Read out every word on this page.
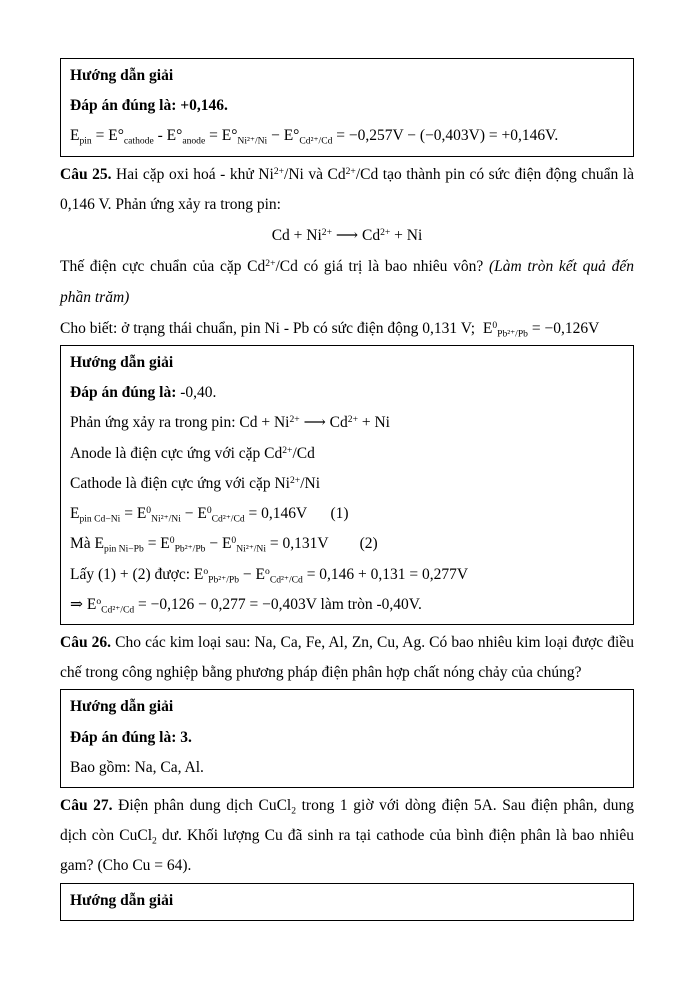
Hướng dẫn giải
Đáp án đúng là: +0,146.
$E_{pin} = E^\circ_{cathode} - E^\circ_{anode} = E^\circ_{Ni^{2+}/Ni} - E^\circ_{Cd^{2+}/Cd} = -0,257V - (-0,403V) = +0,146V$.
Câu 25. Hai cặp oxi hoá - khử $Ni^{2+}/Ni$ và $Cd^{2+}/Cd$ tạo thành pin có sức điện động chuẩn là 0,146 V. Phản ứng xảy ra trong pin:
$Cd + Ni^{2+}$ ⟶ $Cd^{2+} + Ni$
Thế điện cực chuẩn của cặp $Cd^{2+}/Cd$ có giá trị là bao nhiêu vôn? (Làm tròn kết quả đến phần trăm)
Cho biết: ở trạng thái chuẩn, pin Ni - Pb có sức điện động 0,131 V;  $E^0_{Pb^{2+}/Pb} = -0,126V$
Hướng dẫn giải
Đáp án đúng là: -0,40.
Phản ứng xảy ra trong pin: $Cd + Ni^{2+}$ ⟶ $Cd^{2+} + Ni$
Anode là điện cực ứng với cặp $Cd^{2+}/Cd$
Cathode là điện cực ứng với cặp $Ni^{2+}/Ni$
$E_{pin Cd-Ni} = E^0_{Ni^{2+}/Ni} - E^0_{Cd^{2+}/Cd} = 0,146V$      (1)
Mà $E_{pin Ni-Pb} = E^0_{Pb^{2+}/Pb} - E^0_{Ni^{2+}/Ni} = 0,131V$        (2)
Lấy (1) + (2) được: $E^o_{Pb^{2+}/Pb} - E^o_{Cd^{2+}/Cd} = 0,146 + 0,131 = 0,277V$
⇒ $E^o_{Cd^{2+}/Cd} = -0,126 - 0,277 = -0,403V$ làm tròn -0,40V.
Câu 26. Cho các kim loại sau: Na, Ca, Fe, Al, Zn, Cu, Ag. Có bao nhiêu kim loại được điều chế trong công nghiệp bằng phương pháp điện phân hợp chất nóng chảy của chúng?
Hướng dẫn giải
Đáp án đúng là: 3.
Bao gồm: Na, Ca, Al.
Câu 27. Điện phân dung dịch CuCl$_2$ trong 1 giờ với dòng điện 5A. Sau điện phân, dung dịch còn CuCl$_2$ dư. Khối lượng Cu đã sinh ra tại cathode của bình điện phân là bao nhiêu gam? (Cho Cu = 64).
Hướng dẫn giải
